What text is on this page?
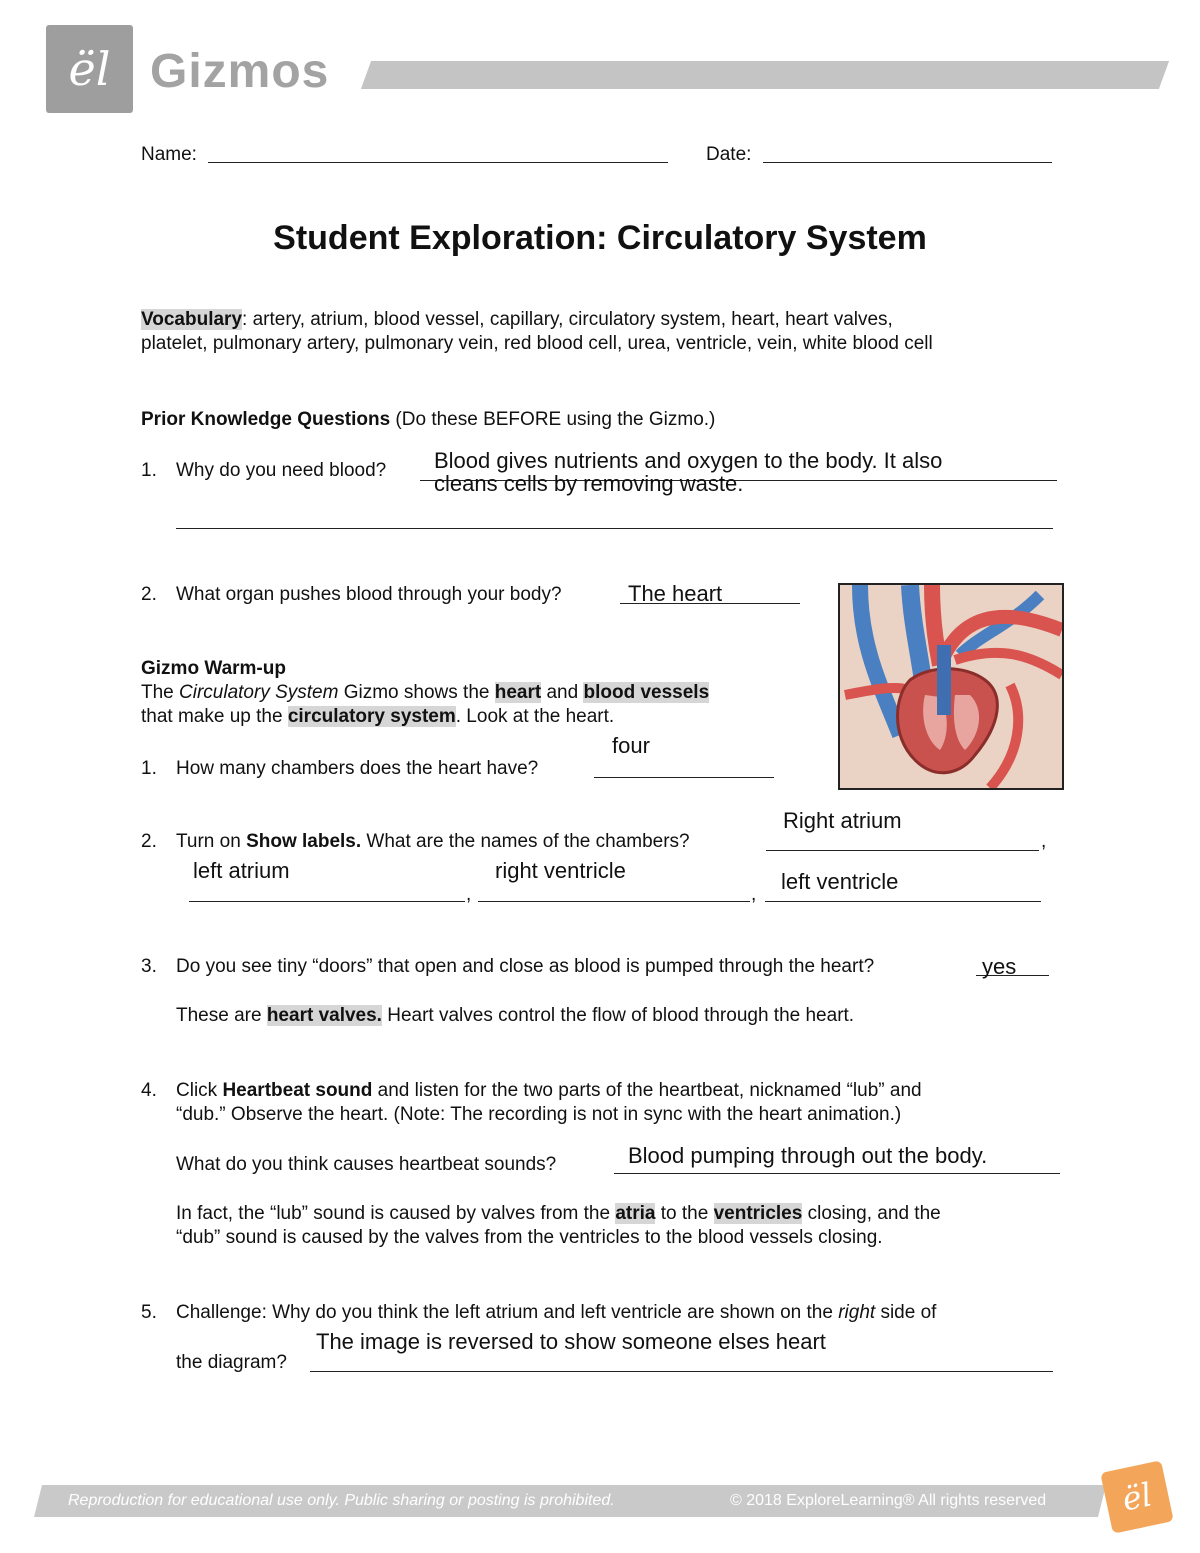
ël Gizmos
Name:	Date:
Student Exploration: Circulatory System
Vocabulary: artery, atrium, blood vessel, capillary, circulatory system, heart, heart valves,
platelet, pulmonary artery, pulmonary vein, red blood cell, urea, ventricle, vein, white blood cell
Prior Knowledge Questions (Do these BEFORE using the Gizmo.)
1. Why do you need blood? Blood gives nutrients and oxygen to the body. It also
cleans cells by removing waste.
2. What organ pushes blood through your body?	The heart
Gizmo Warm-up
The Circulatory System Gizmo shows the heart and blood vessels
that make up the circulatory system. Look at the heart.
four
1. How many chambers does the heart have?
Right atrium
2. Turn on Show labels. What are the names of the chambers?	,
left atrium	right ventricle	left ventricle
,	,
3. Do you see tiny “doors” that open and close as blood is pumped through the heart?	yes
These are heart valves. Heart valves control the flow of blood through the heart.
4. Click Heartbeat sound and listen for the two parts of the heartbeat, nicknamed “lub” and
“dub.” Observe the heart. (Note: The recording is not in sync with the heart animation.)
What do you think causes heartbeat sounds?	Blood pumping through out the body.
In fact, the “lub” sound is caused by valves from the atria to the ventricles closing, and the
“dub” sound is caused by the valves from the ventricles to the blood vessels closing.
5. Challenge: Why do you think the left atrium and left ventricle are shown on the right side of
The image is reversed to show someone elses heart
the diagram?
Reproduction for educational use only. Public sharing or posting is prohibited.	© 2018 ExploreLearning® All rights reserved	ël
